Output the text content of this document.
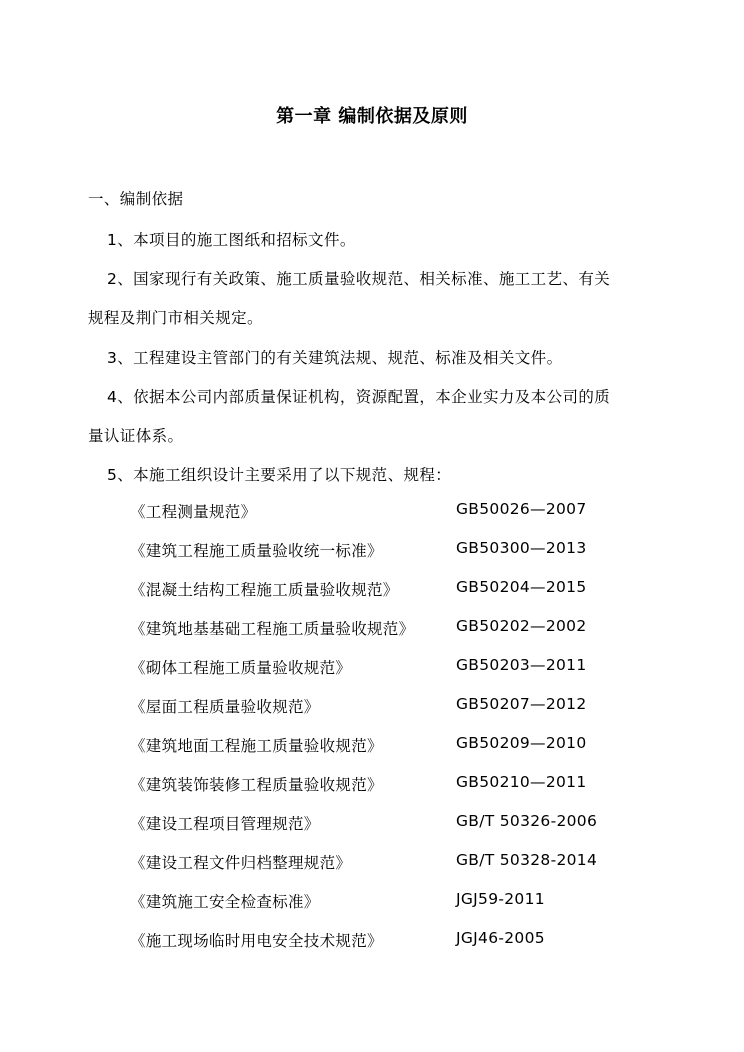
第一章 编制依据及原则
一、编制依据
1、本项目的施工图纸和招标文件。
2、国家现行有关政策、施工质量验收规范、相关标准、施工工艺、有关
规程及荆门市相关规定。
3、工程建设主管部门的有关建筑法规、规范、标准及相关文件。
4、依据本公司内部质量保证机构，资源配置，本企业实力及本公司的质
量认证体系。
5、本施工组织设计主要采用了以下规范、规程：
《工程测量规范》	GB50026—2007
《建筑工程施工质量验收统一标准》	GB50300—2013
《混凝土结构工程施工质量验收规范》	GB50204—2015
《建筑地基基础工程施工质量验收规范》	GB50202—2002
《砌体工程施工质量验收规范》	GB50203—2011
《屋面工程质量验收规范》	GB50207—2012
《建筑地面工程施工质量验收规范》	GB50209—2010
《建筑装饰装修工程质量验收规范》	GB50210—2011
《建设工程项目管理规范》	GB/T 50326-2006
《建设工程文件归档整理规范》	GB/T 50328-2014
《建筑施工安全检查标准》	JGJ59-2011
《施工现场临时用电安全技术规范》	JGJ46-2005
